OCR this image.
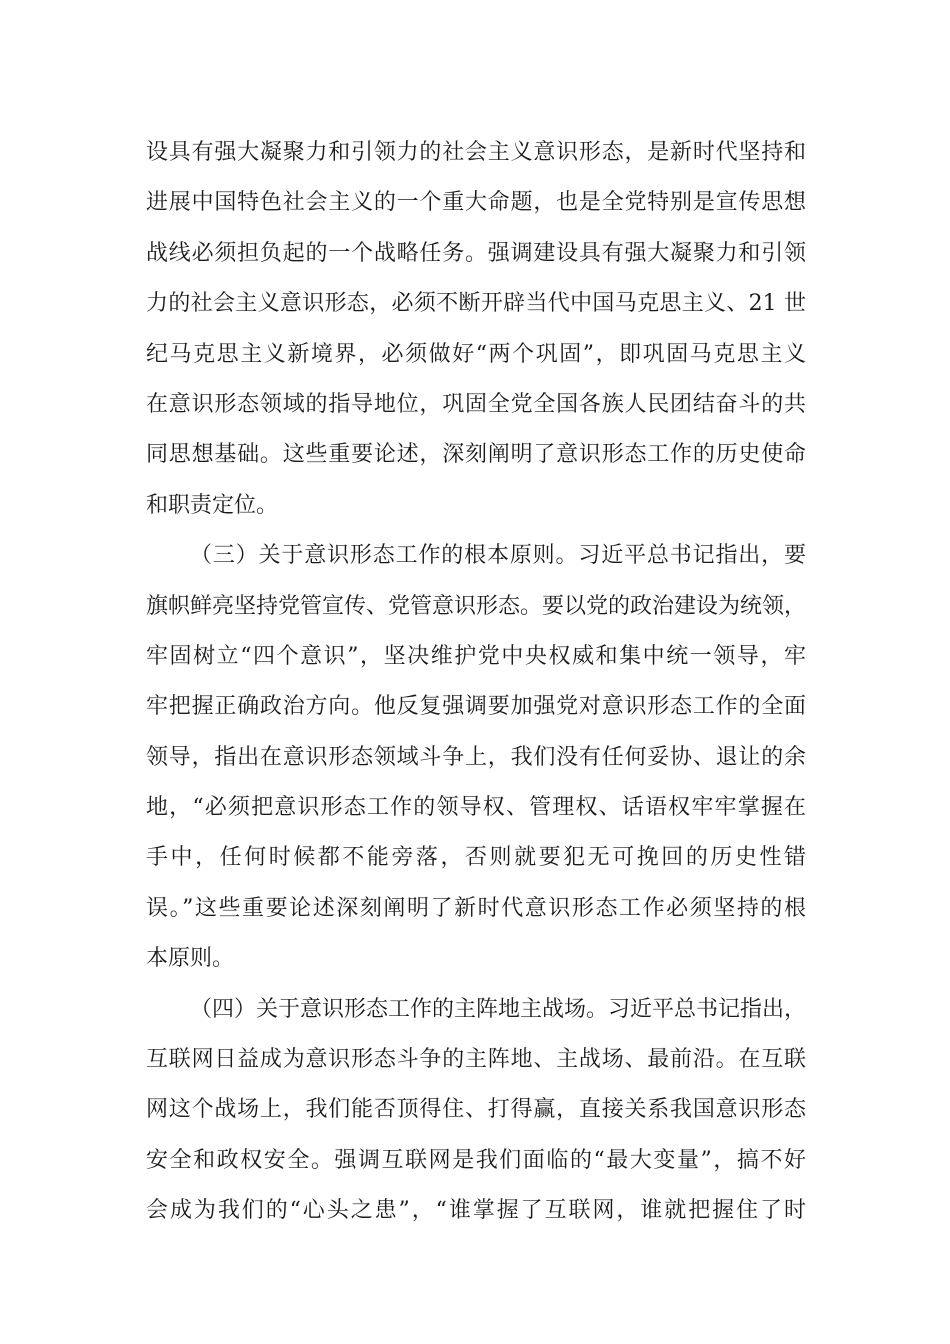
设具有强大凝聚力和引领力的社会主义意识形态，是新时代坚持和
进展中国特色社会主义的一个重大命题，也是全党特别是宣传思想
战线必须担负起的一个战略任务。强调建设具有强大凝聚力和引领
力的社会主义意识形态，必须不断开辟当代中国马克思主义、21 世
纪马克思主义新境界，必须做好“两个巩固”，即巩固马克思主义
在意识形态领域的指导地位，巩固全党全国各族人民团结奋斗的共
同思想基础。这些重要论述，深刻阐明了意识形态工作的历史使命
和职责定位。
（三）关于意识形态工作的根本原则。习近平总书记指出，要
旗帜鲜亮坚持党管宣传、党管意识形态。要以党的政治建设为统领，
牢固树立“四个意识”，坚决维护党中央权威和集中统一领导，牢
牢把握正确政治方向。他反复强调要加强党对意识形态工作的全面
领导，指出在意识形态领域斗争上，我们没有任何妥协、退让的余
地，“必须把意识形态工作的领导权、管理权、话语权牢牢掌握在
手中，任何时候都不能旁落，否则就要犯无可挽回的历史性错
误。”这些重要论述深刻阐明了新时代意识形态工作必须坚持的根
本原则。
（四）关于意识形态工作的主阵地主战场。习近平总书记指出，
互联网日益成为意识形态斗争的主阵地、主战场、最前沿。在互联
网这个战场上，我们能否顶得住、打得赢，直接关系我国意识形态
安全和政权安全。强调互联网是我们面临的“最大变量”，搞不好
会成为我们的“心头之患”，“谁掌握了互联网，谁就把握住了时
